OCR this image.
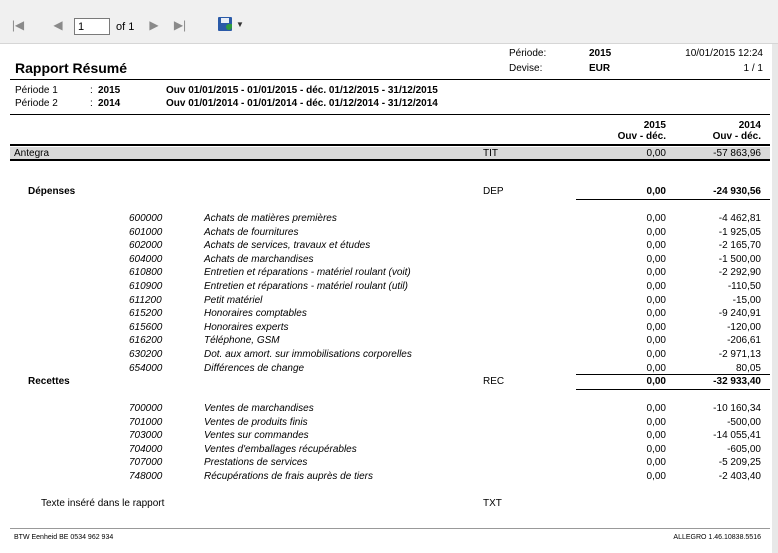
|◀ ◀
1	of 1 ▶ ▶|	▼
Rapport Résumé
Période:	2015
Devise:	EUR
10/01/2015 12:24
1 / 1
Période 1	: 2015	Ouv 01/01/2015 - 01/01/2015 - déc. 01/12/2015 - 31/12/2015
Période 2	: 2014	Ouv 01/01/2014 - 01/01/2014 - déc. 01/12/2014 - 31/12/2014
2015
Ouv - déc.
2014
Ouv - déc.
Antegra	TIT	0,00	-57 863,96
Dépenses	DEP	0,00	-24 930,56
600000	Achats de matières premières	0,00	-4 462,81
601000	Achats de fournitures	0,00	-1 925,05
602000	Achats de services, travaux et études	0,00	-2 165,70
604000	Achats de marchandises	0,00	-1 500,00
610800	Entretien et réparations - matériel roulant (voit)	0,00	-2 292,90
610900	Entretien et réparations - matériel roulant (util)	0,00	-110,50
611200	Petit matériel	0,00	-15,00
615200	Honoraires comptables	0,00	-9 240,91
615600	Honoraires experts	0,00	-120,00
616200	Téléphone, GSM	0,00	-206,61
630200	Dot. aux amort. sur immobilisations corporelles	0,00	-2 971,13
654000	Différences de change	0,00	80,05
Recettes	REC	0,00	-32 933,40
700000	Ventes de marchandises	0,00	-10 160,34
701000	Ventes de produits finis	0,00	-500,00
703000	Ventes sur commandes	0,00	-14 055,41
704000	Ventes d'emballages récupérables	0,00	-605,00
707000	Prestations de services	0,00	-5 209,25
748000	Récupérations de frais auprès de tiers	0,00	-2 403,40
Texte inséré dans le rapport	TXT
BTW Eenheid BE 0534 962 934	ALLEGRO 1.46.10838.5516
